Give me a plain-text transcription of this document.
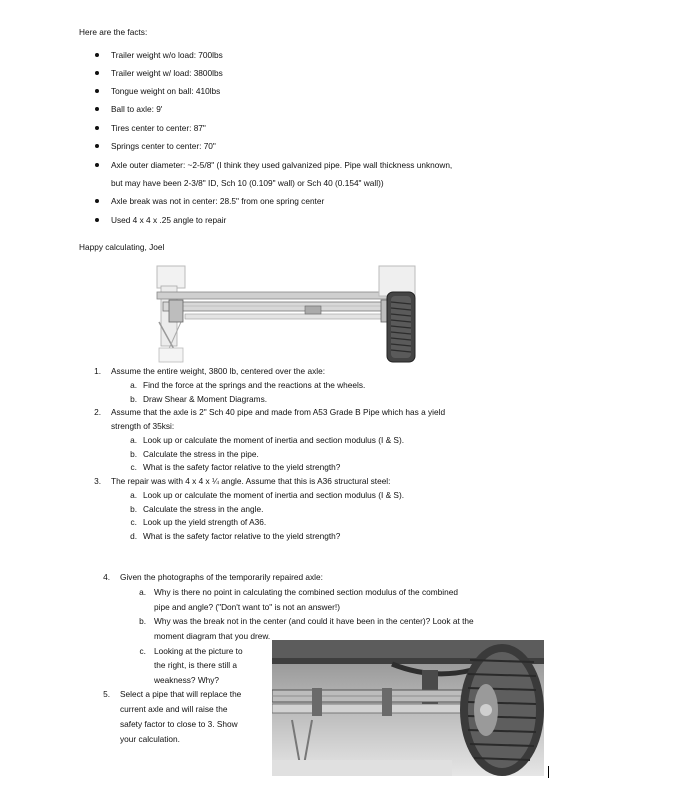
Here are the facts:
Trailer weight w/o load: 700lbs
Trailer weight w/ load: 3800lbs
Tongue weight on ball: 410lbs
Ball to axle: 9'
Tires center to center: 87"
Springs center to center: 70"
Axle outer diameter: ~2-5/8" (I think they used galvanized pipe. Pipe wall thickness unknown,
but may have been 2-3/8" ID, Sch 10 (0.109" wall) or Sch 40 (0.154" wall))
Axle break was not in center: 28.5" from one spring center
Used 4 x 4 x .25 angle to repair
Happy calculating, Joel
1. Assume the entire weight, 3800 lb, centered over the axle:
a. Find the force at the springs and the reactions at the wheels.
b. Draw Shear & Moment Diagrams.
2. Assume that the axle is 2" Sch 40 pipe and made from A53 Grade B Pipe which has a yield
strength of 35ksi:
a. Look up or calculate the moment of inertia and section modulus (I & S).
b. Calculate the stress in the pipe.
c. What is the safety factor relative to the yield strength?
3. The repair was with 4 x 4 x ¼ angle. Assume that this is A36 structural steel:
a. Look up or calculate the moment of inertia and section modulus (I & S).
b. Calculate the stress in the angle.
c. Look up the yield strength of A36.
d. What is the safety factor relative to the yield strength?
4. Given the photographs of the temporarily repaired axle:
a. Why is there no point in calculating the combined section modulus of the combined
pipe and angle? ("Don't want to" is not an answer!)
b. Why was the break not in the center (and could it have been in the center)? Look at the
moment diagram that you drew.
c. Looking at the picture to
the right, is there still a
weakness? Why?
5. Select a pipe that will replace the
current axle and will raise the
safety factor to close to 3. Show
your calculation.
